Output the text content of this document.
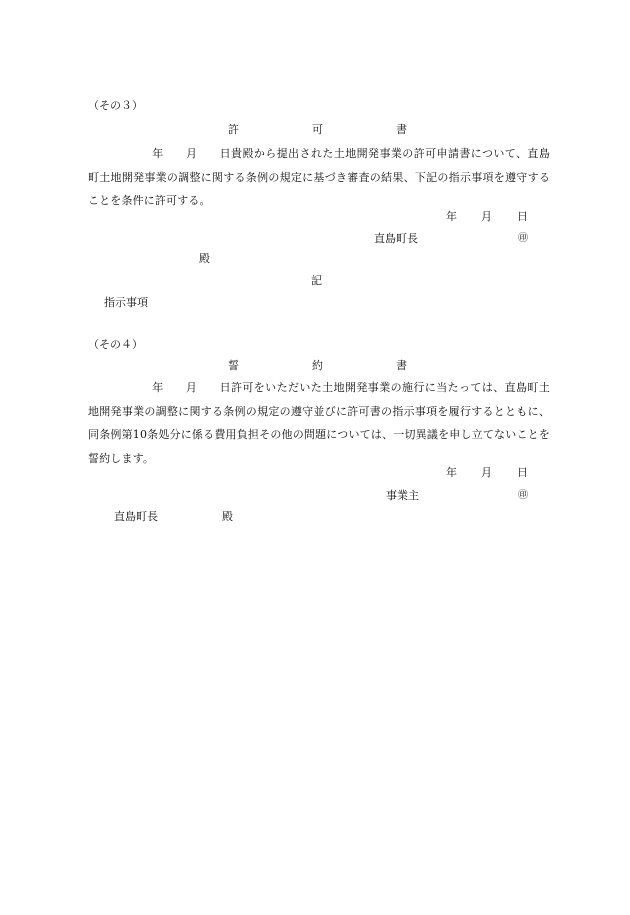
（その３）
許	可	書
年 月 日貴殿から提出された土地開発事業の許可申請書について、直島町土地開発事業の調整に関する条例の規定に基づき審査の結果、下記の指示事項を遵守することを条件に許可する。
年 月 日
直島町長	㊞
殿
記
指示事項
（その４）
誓	約	書
年 月 日許可をいただいた土地開発事業の施行に当たっては、直島町土地開発事業の調整に関する条例の規定の遵守並びに許可書の指示事項を履行するとともに、同条例第10条処分に係る費用負担その他の問題については、一切異議を申し立てないことを誓約します。
年 月 日
事業主	㊞
直島町長	殿
